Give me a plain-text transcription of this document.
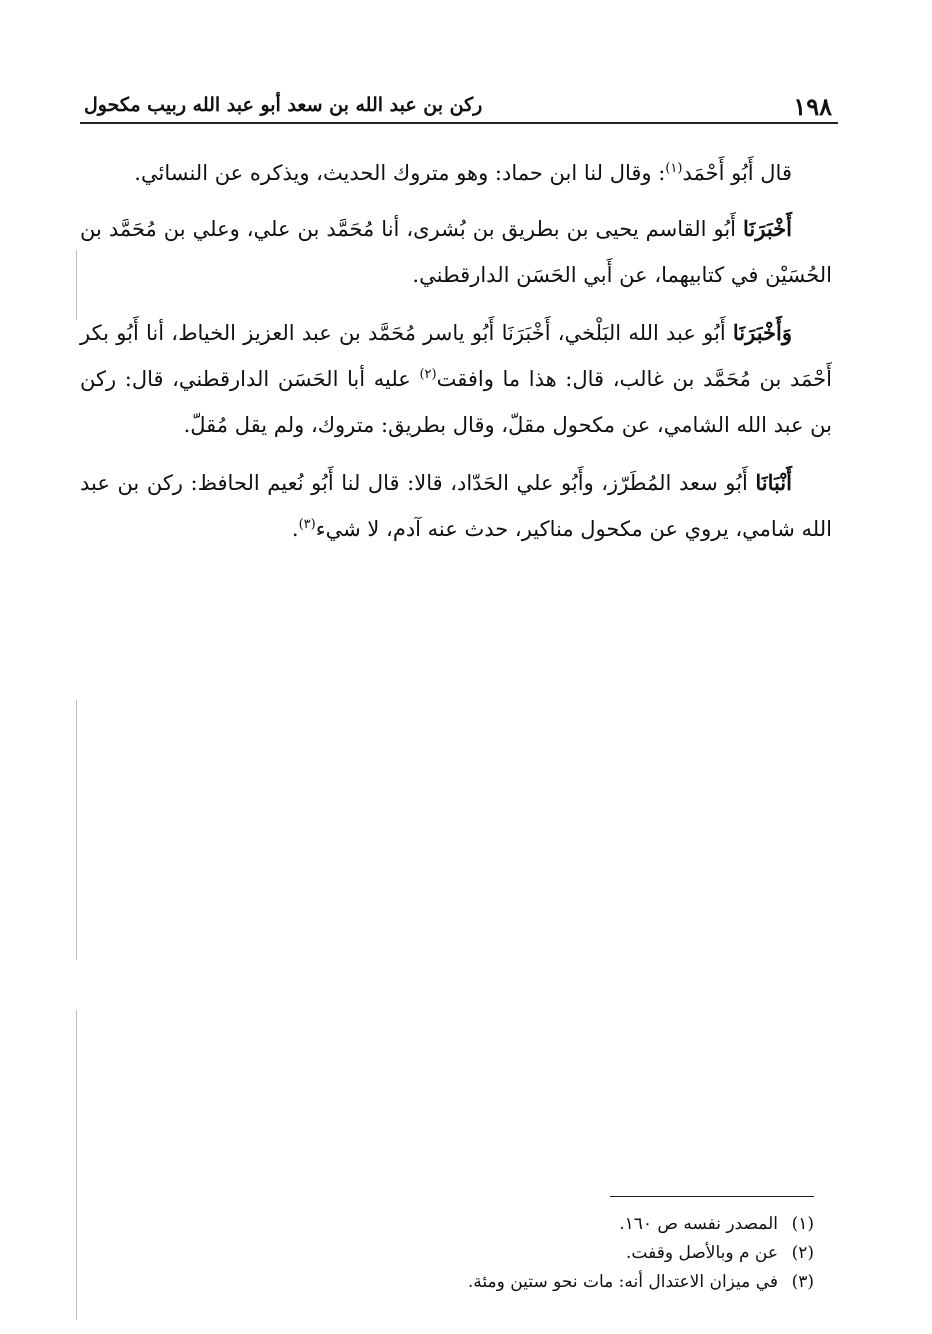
١٩٨
ركن بن عبد الله بن سعد أبو عبد الله ربيب مكحول

قال أَبُو أَحْمَد$^{(١)}$: وقال لنا ابن حماد: وهو متروك الحديث، ويذكره عن النسائي.

أَخْبَرَنَا أَبُو القاسم يحيى بن بطريق بن بُشرى، أنا مُحَمَّد بن علي، وعلي بن مُحَمَّد بن الحُسَيْن في كتابيهما، عن أَبي الحَسَن الدارقطني.

وَأَخْبَرَنَا أَبُو عبد الله البَلْخي، أَخْبَرَنَا أَبُو ياسر مُحَمَّد بن عبد العزيز الخياط، أنا أَبُو بكر أَحْمَد بن مُحَمَّد بن غالب، قال: هذا ما وافقت$^{(٢)}$ عليه أبا الحَسَن الدارقطني، قال: ركن بن عبد الله الشامي، عن مكحول مقلّ، وقال بطريق: متروك، ولم يقل مُقلّ.

أَنْبَانَا أَبُو سعد المُطَرّز، وأَبُو علي الحَدّاد، قالا: قال لنا أَبُو نُعيم الحافظ: ركن بن عبد الله شامي، يروي عن مكحول مناكير، حدث عنه آدم، لا شيء$^{(٣)}$.

(١)المصدر نفسه ص ١٦٠.
(٢)عن م وبالأصل وقفت.
(٣)في ميزان الاعتدال أنه: مات نحو ستين ومئة.
